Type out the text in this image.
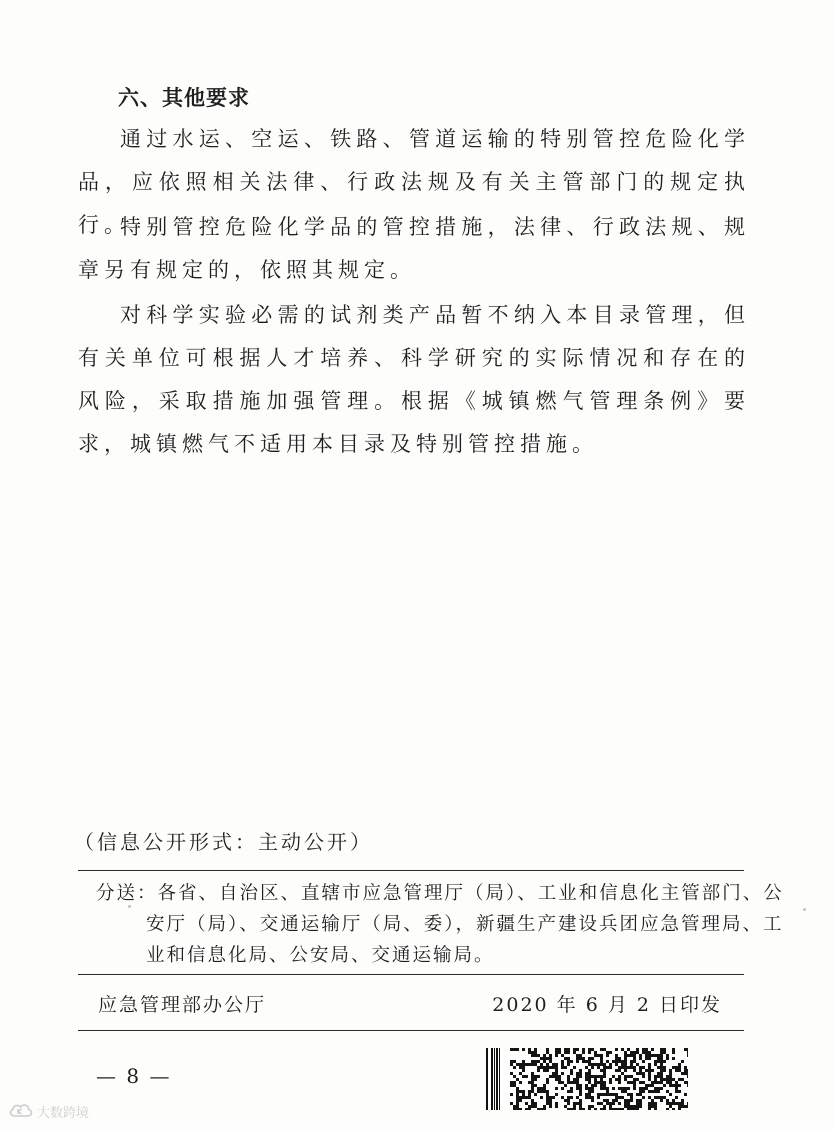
六、其他要求

通过水运、空运、铁路、管道运输的特别管控危险化学品，应依照相关法律、行政法规及有关主管部门的规定执行。

特别管控危险化学品的管控措施，法律、行政法规、规章另有规定的，依照其规定。

对科学实验必需的试剂类产品暂不纳入本目录管理，但有关单位可根据人才培养、科学研究的实际情况和存在的风险，采取措施加强管理。根据《城镇燃气管理条例》要求，城镇燃气不适用本目录及特别管控措施。

（信息公开形式：主动公开）
分送：各省、自治区、直辖市应急管理厅（局）、工业和信息化主管部门、公
安厅（局）、交通运输厅（局、委），新疆生产建设兵团应急管理局、工
业和信息化局、公安局、交通运输局。
应急管理部办公厅	2020 年 6 月 2 日印发
— 8 —
大数跨境
